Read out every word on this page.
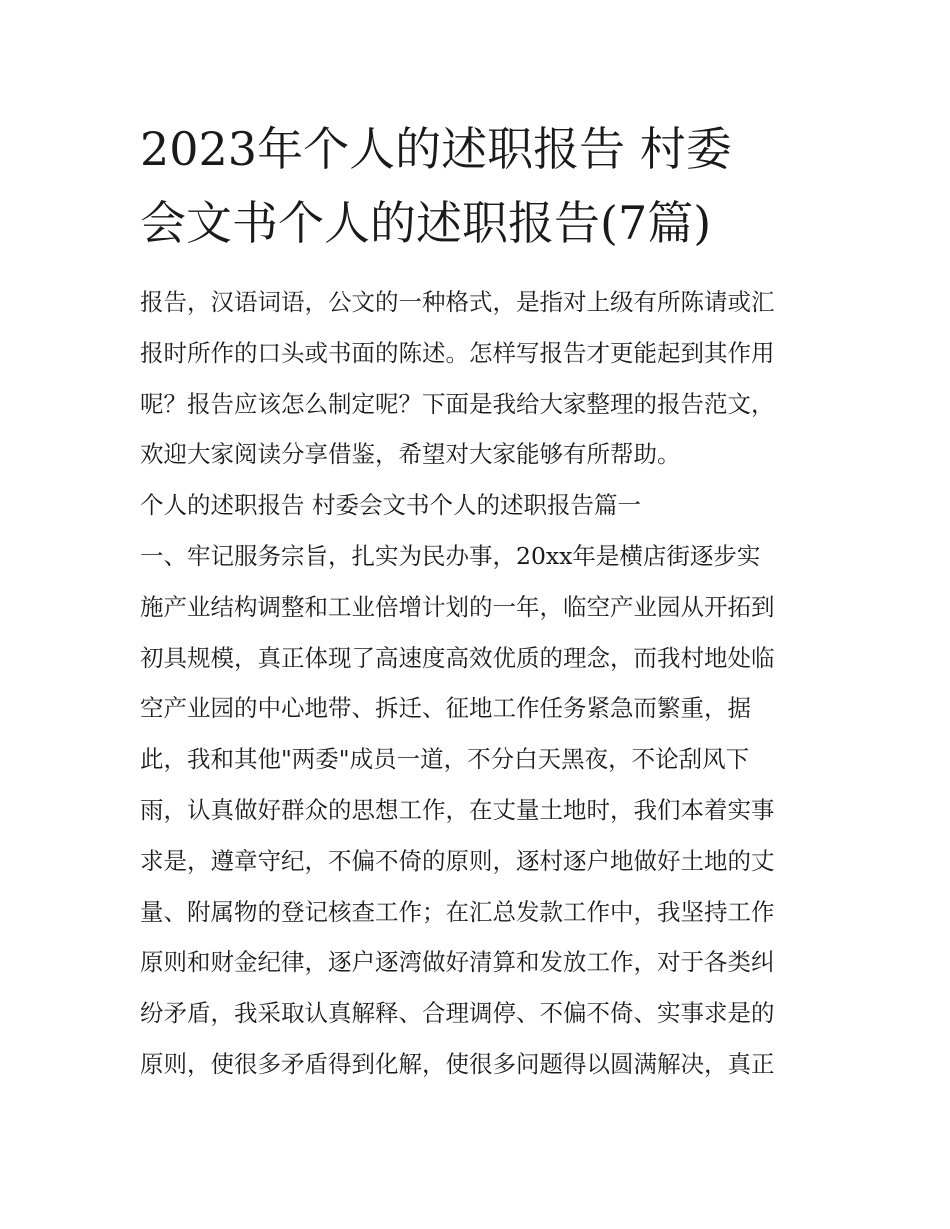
2023年个人的述职报告 村委
会文书个人的述职报告(7篇)
报告，汉语词语，公文的一种格式，是指对上级有所陈请或汇
报时所作的口头或书面的陈述。怎样写报告才更能起到其作用
呢？报告应该怎么制定呢？下面是我给大家整理的报告范文，
欢迎大家阅读分享借鉴，希望对大家能够有所帮助。
个人的述职报告 村委会文书个人的述职报告篇一
一、牢记服务宗旨，扎实为民办事，20xx年是横店街逐步实
施产业结构调整和工业倍增计划的一年，临空产业园从开拓到
初具规模，真正体现了高速度高效优质的理念，而我村地处临
空产业园的中心地带、拆迁、征地工作任务紧急而繁重，据
此，我和其他"两委"成员一道，不分白天黑夜，不论刮风下
雨，认真做好群众的思想工作，在丈量土地时，我们本着实事
求是，遵章守纪，不偏不倚的原则，逐村逐户地做好土地的丈
量、附属物的登记核查工作；在汇总发款工作中，我坚持工作
原则和财金纪律，逐户逐湾做好清算和发放工作，对于各类纠
纷矛盾，我采取认真解释、合理调停、不偏不倚、实事求是的
原则，使很多矛盾得到化解，使很多问题得以圆满解决，真正
